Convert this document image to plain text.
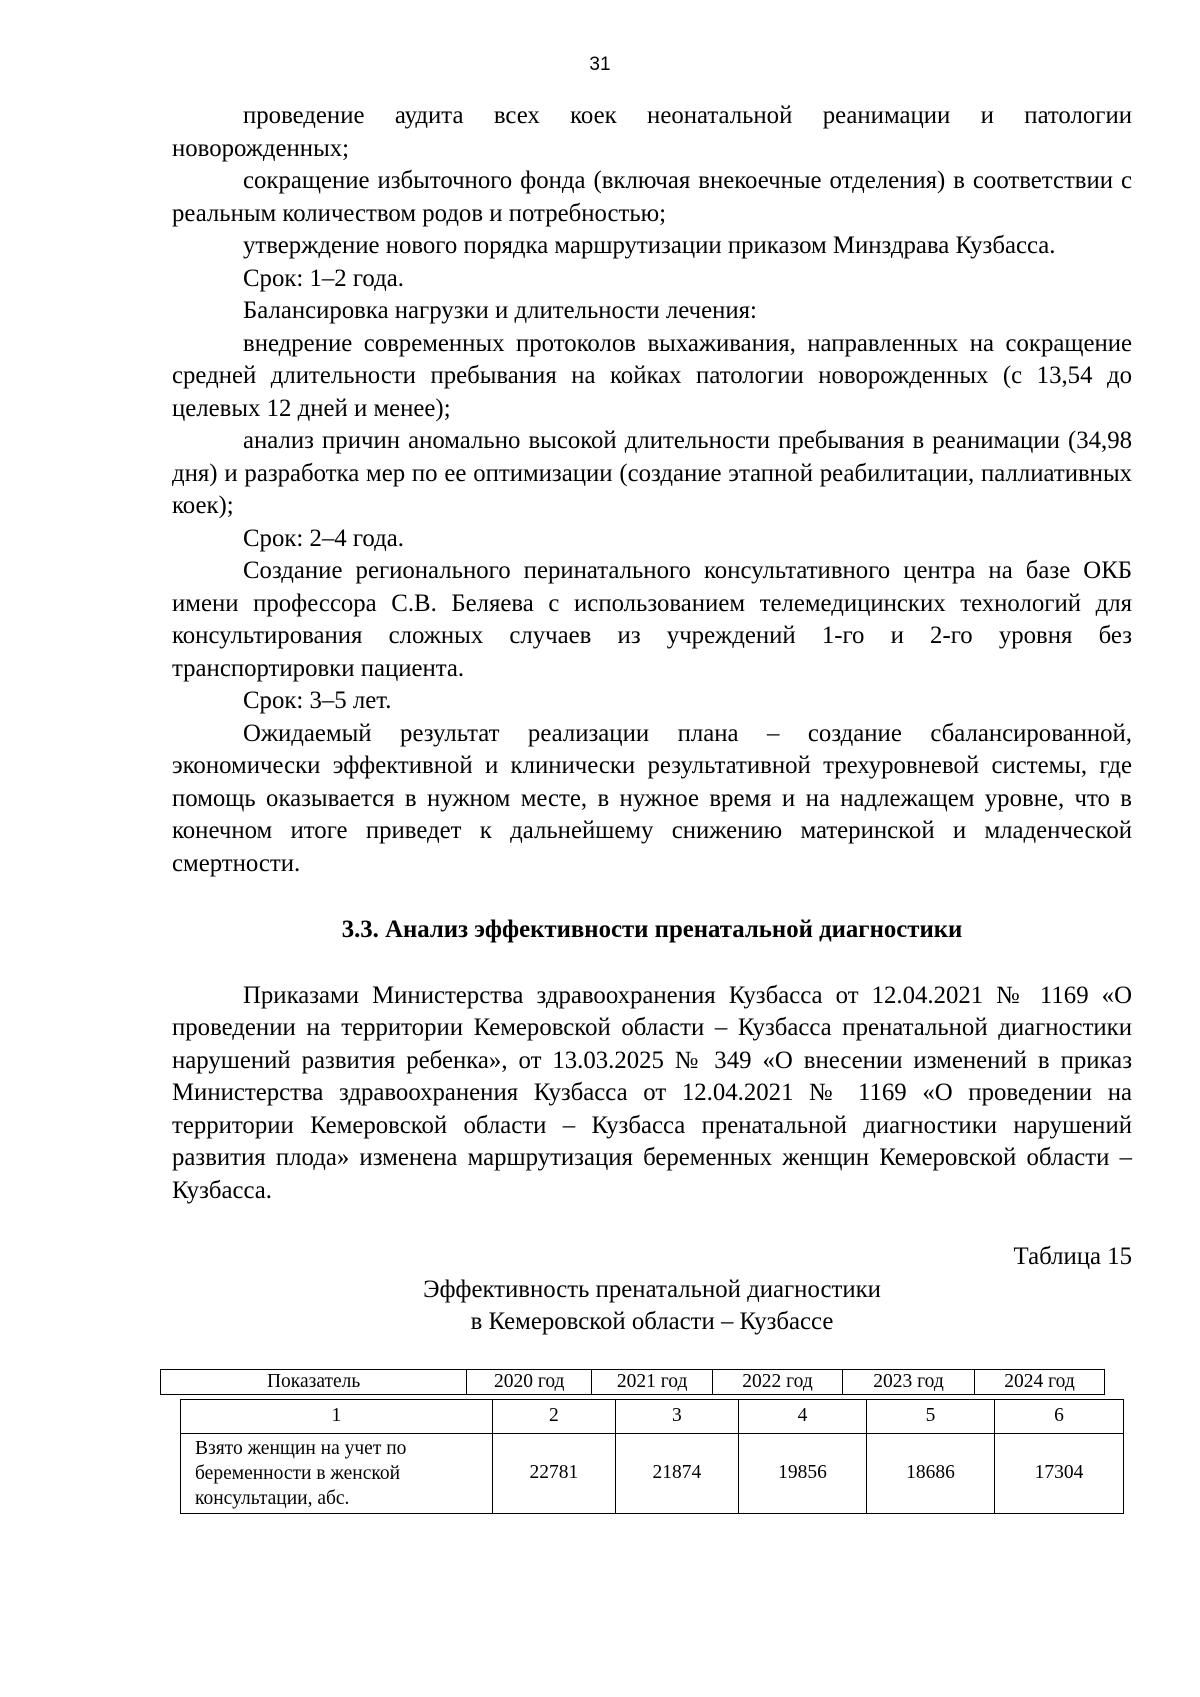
31

проведение аудита всех коек неонатальной реанимации и патологии новорожденных;

сокращение избыточного фонда (включая внекоечные отделения) в соответствии с реальным количеством родов и потребностью;

утверждение нового порядка маршрутизации приказом Минздрава Кузбасса.

Срок: 1–2 года.

Балансировка нагрузки и длительности лечения:

внедрение современных протоколов выхаживания, направленных на сокращение средней длительности пребывания на койках патологии новорожденных (с 13,54 до целевых 12 дней и менее);

анализ причин аномально высокой длительности пребывания в реанимации (34,98 дня) и разработка мер по ее оптимизации (создание этапной реабилитации, паллиативных коек);

Срок: 2–4 года.

Создание регионального перинатального консультативного центра на базе ОКБ имени профессора С.В. Беляева с использованием телемедицинских технологий для консультирования сложных случаев из учреждений 1-го и 2-го уровня без транспортировки пациента.

Срок: 3–5 лет.

Ожидаемый результат реализации плана – создание сбалансированной, экономически эффективной и клинически результативной трехуровневой системы, где помощь оказывается в нужном месте, в нужное время и на надлежащем уровне, что в конечном итоге приведет к дальнейшему снижению материнской и младенческой смертности.

3.3. Анализ эффективности пренатальной диагностики

Приказами Министерства здравоохранения Кузбасса от 12.04.2021 № 1169 «О проведении на территории Кемеровской области – Кузбасса пренатальной диагностики нарушений развития ребенка», от 13.03.2025 № 349 «О внесении изменений в приказ Министерства здравоохранения Кузбасса от 12.04.2021 № 1169 «О проведении на территории Кемеровской области – Кузбасса пренатальной диагностики нарушений развития плода» изменена маршрутизация беременных женщин Кемеровской области – Кузбасса.

Таблица 15
Эффективность пренатальной диагностики
в Кемеровской области – Кузбассе
Показатель	2020 год	2021 год	2022 год	2023 год	2024 год
1	2	3	4	5	6

Взято женщин на учет по
беременности в женской
консультации, абс.	22781	21874	19856	18686	17304
